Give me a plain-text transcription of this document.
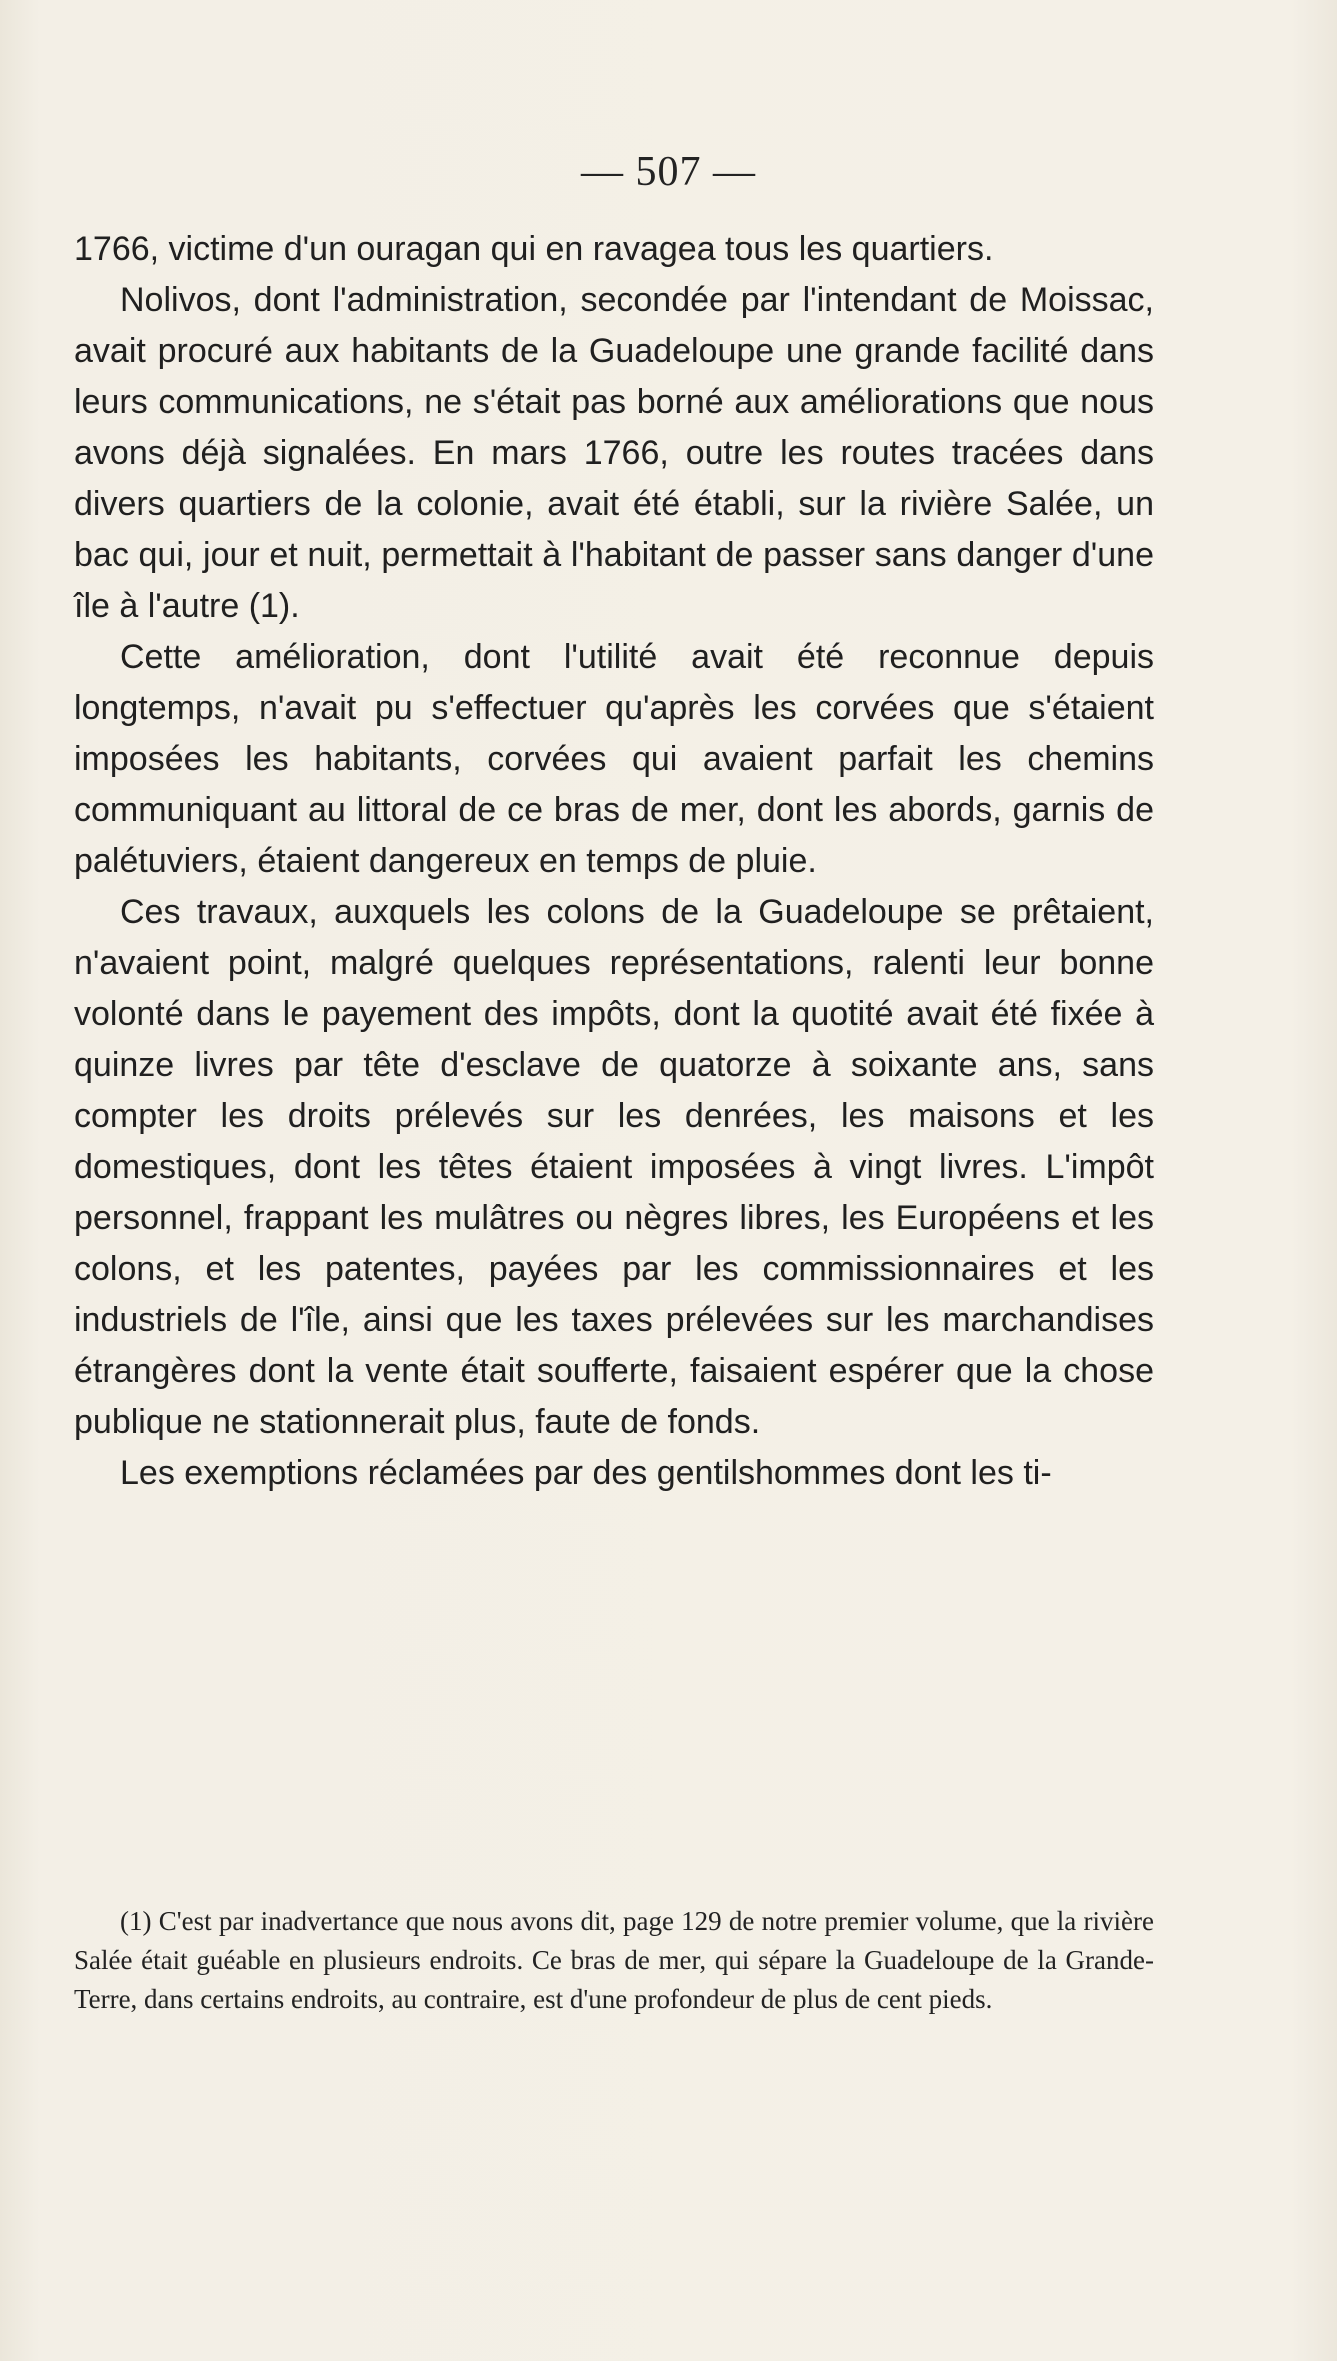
— 507 —

1766, victime d'un ouragan qui en ravagea tous les quartiers.

Nolivos, dont l'administration, secondée par l'intendant de Moissac, avait procuré aux habitants de la Guadeloupe une grande facilité dans leurs communications, ne s'était pas borné aux améliorations que nous avons déjà signalées. En mars 1766, outre les routes tracées dans divers quartiers de la colonie, avait été établi, sur la rivière Salée, un bac qui, jour et nuit, permettait à l'habitant de passer sans danger d'une île à l'autre (1).

Cette amélioration, dont l'utilité avait été reconnue depuis longtemps, n'avait pu s'effectuer qu'après les corvées que s'étaient imposées les habitants, corvées qui avaient parfait les chemins communiquant au littoral de ce bras de mer, dont les abords, garnis de palétuviers, étaient dangereux en temps de pluie.

Ces travaux, auxquels les colons de la Guadeloupe se prêtaient, n'avaient point, malgré quelques représentations, ralenti leur bonne volonté dans le payement des impôts, dont la quotité avait été fixée à quinze livres par tête d'esclave de quatorze à soixante ans, sans compter les droits prélevés sur les denrées, les maisons et les domestiques, dont les têtes étaient imposées à vingt livres. L'impôt personnel, frappant les mulâtres ou nègres libres, les Européens et les colons, et les patentes, payées par les commissionnaires et les industriels de l'île, ainsi que les taxes prélevées sur les marchandises étrangères dont la vente était soufferte, faisaient espérer que la chose publique ne stationnerait plus, faute de fonds.

Les exemptions réclamées par des gentilshommes dont les ti-

(1) C'est par inadvertance que nous avons dit, page 129 de notre premier volume, que la rivière Salée était guéable en plusieurs endroits. Ce bras de mer, qui sépare la Guadeloupe de la Grande-Terre, dans certains endroits, au contraire, est d'une profondeur de plus de cent pieds.
